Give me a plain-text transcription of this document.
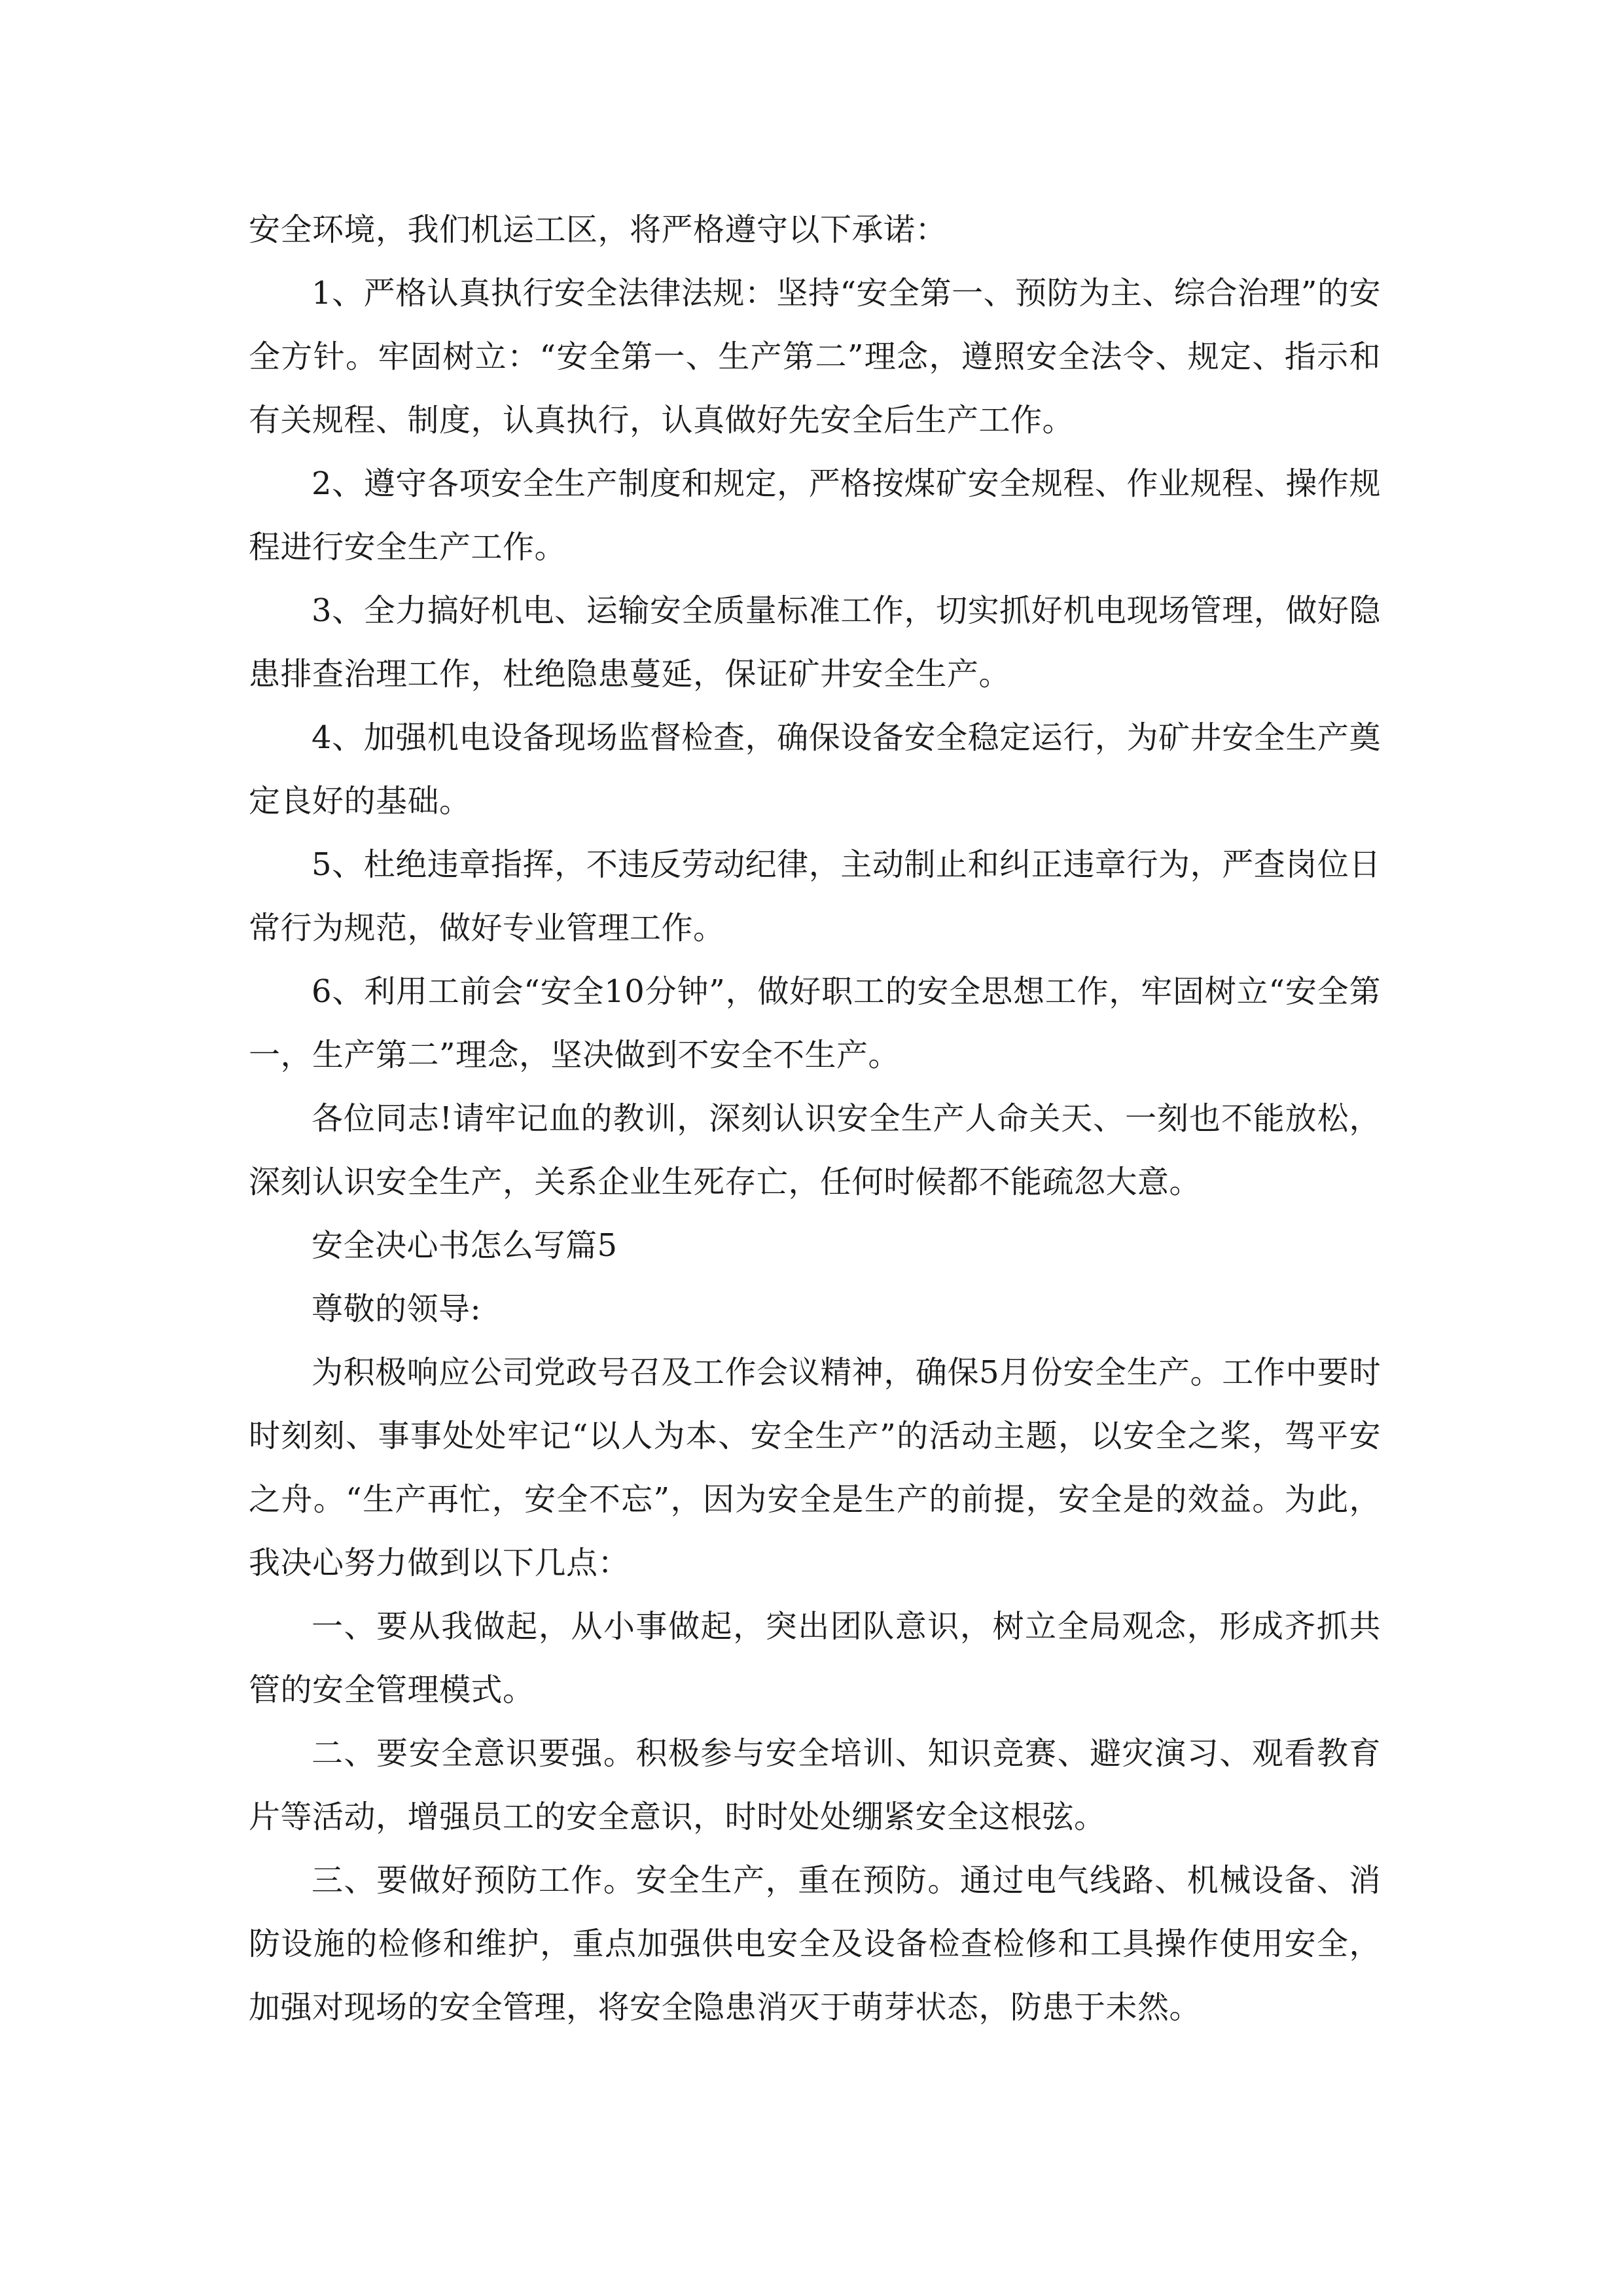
安全环境，我们机运工区，将严格遵守以下承诺：

1、严格认真执行安全法律法规：坚持“安全第一、预防为主、综合治理”的安全方针。牢固树立：“安全第一、生产第二”理念，遵照安全法令、规定、指示和有关规程、制度，认真执行，认真做好先安全后生产工作。

2、遵守各项安全生产制度和规定，严格按煤矿安全规程、作业规程、操作规程进行安全生产工作。

3、全力搞好机电、运输安全质量标准工作，切实抓好机电现场管理，做好隐患排查治理工作，杜绝隐患蔓延，保证矿井安全生产。

4、加强机电设备现场监督检查，确保设备安全稳定运行，为矿井安全生产奠定良好的基础。

5、杜绝违章指挥，不违反劳动纪律，主动制止和纠正违章行为，严查岗位日常行为规范，做好专业管理工作。

6、利用工前会“安全10分钟”，做好职工的安全思想工作，牢固树立“安全第一，生产第二”理念，坚决做到不安全不生产。

各位同志!请牢记血的教训，深刻认识安全生产人命关天、一刻也不能放松，深刻认识安全生产，关系企业生死存亡，任何时候都不能疏忽大意。

安全决心书怎么写篇5

尊敬的领导:

为积极响应公司党政号召及工作会议精神，确保5月份安全生产。工作中要时时刻刻、事事处处牢记“以人为本、安全生产”的活动主题，以安全之桨，驾平安之舟。“生产再忙，安全不忘”，因为安全是生产的前提，安全是的效益。为此，我决心努力做到以下几点：

一、要从我做起，从小事做起，突出团队意识，树立全局观念，形成齐抓共管的安全管理模式。

二、要安全意识要强。积极参与安全培训、知识竞赛、避灾演习、观看教育片等活动，增强员工的安全意识，时时处处绷紧安全这根弦。

三、要做好预防工作。安全生产，重在预防。通过电气线路、机械设备、消防设施的检修和维护，重点加强供电安全及设备检查检修和工具操作使用安全，加强对现场的安全管理，将安全隐患消灭于萌芽状态，防患于未然。
